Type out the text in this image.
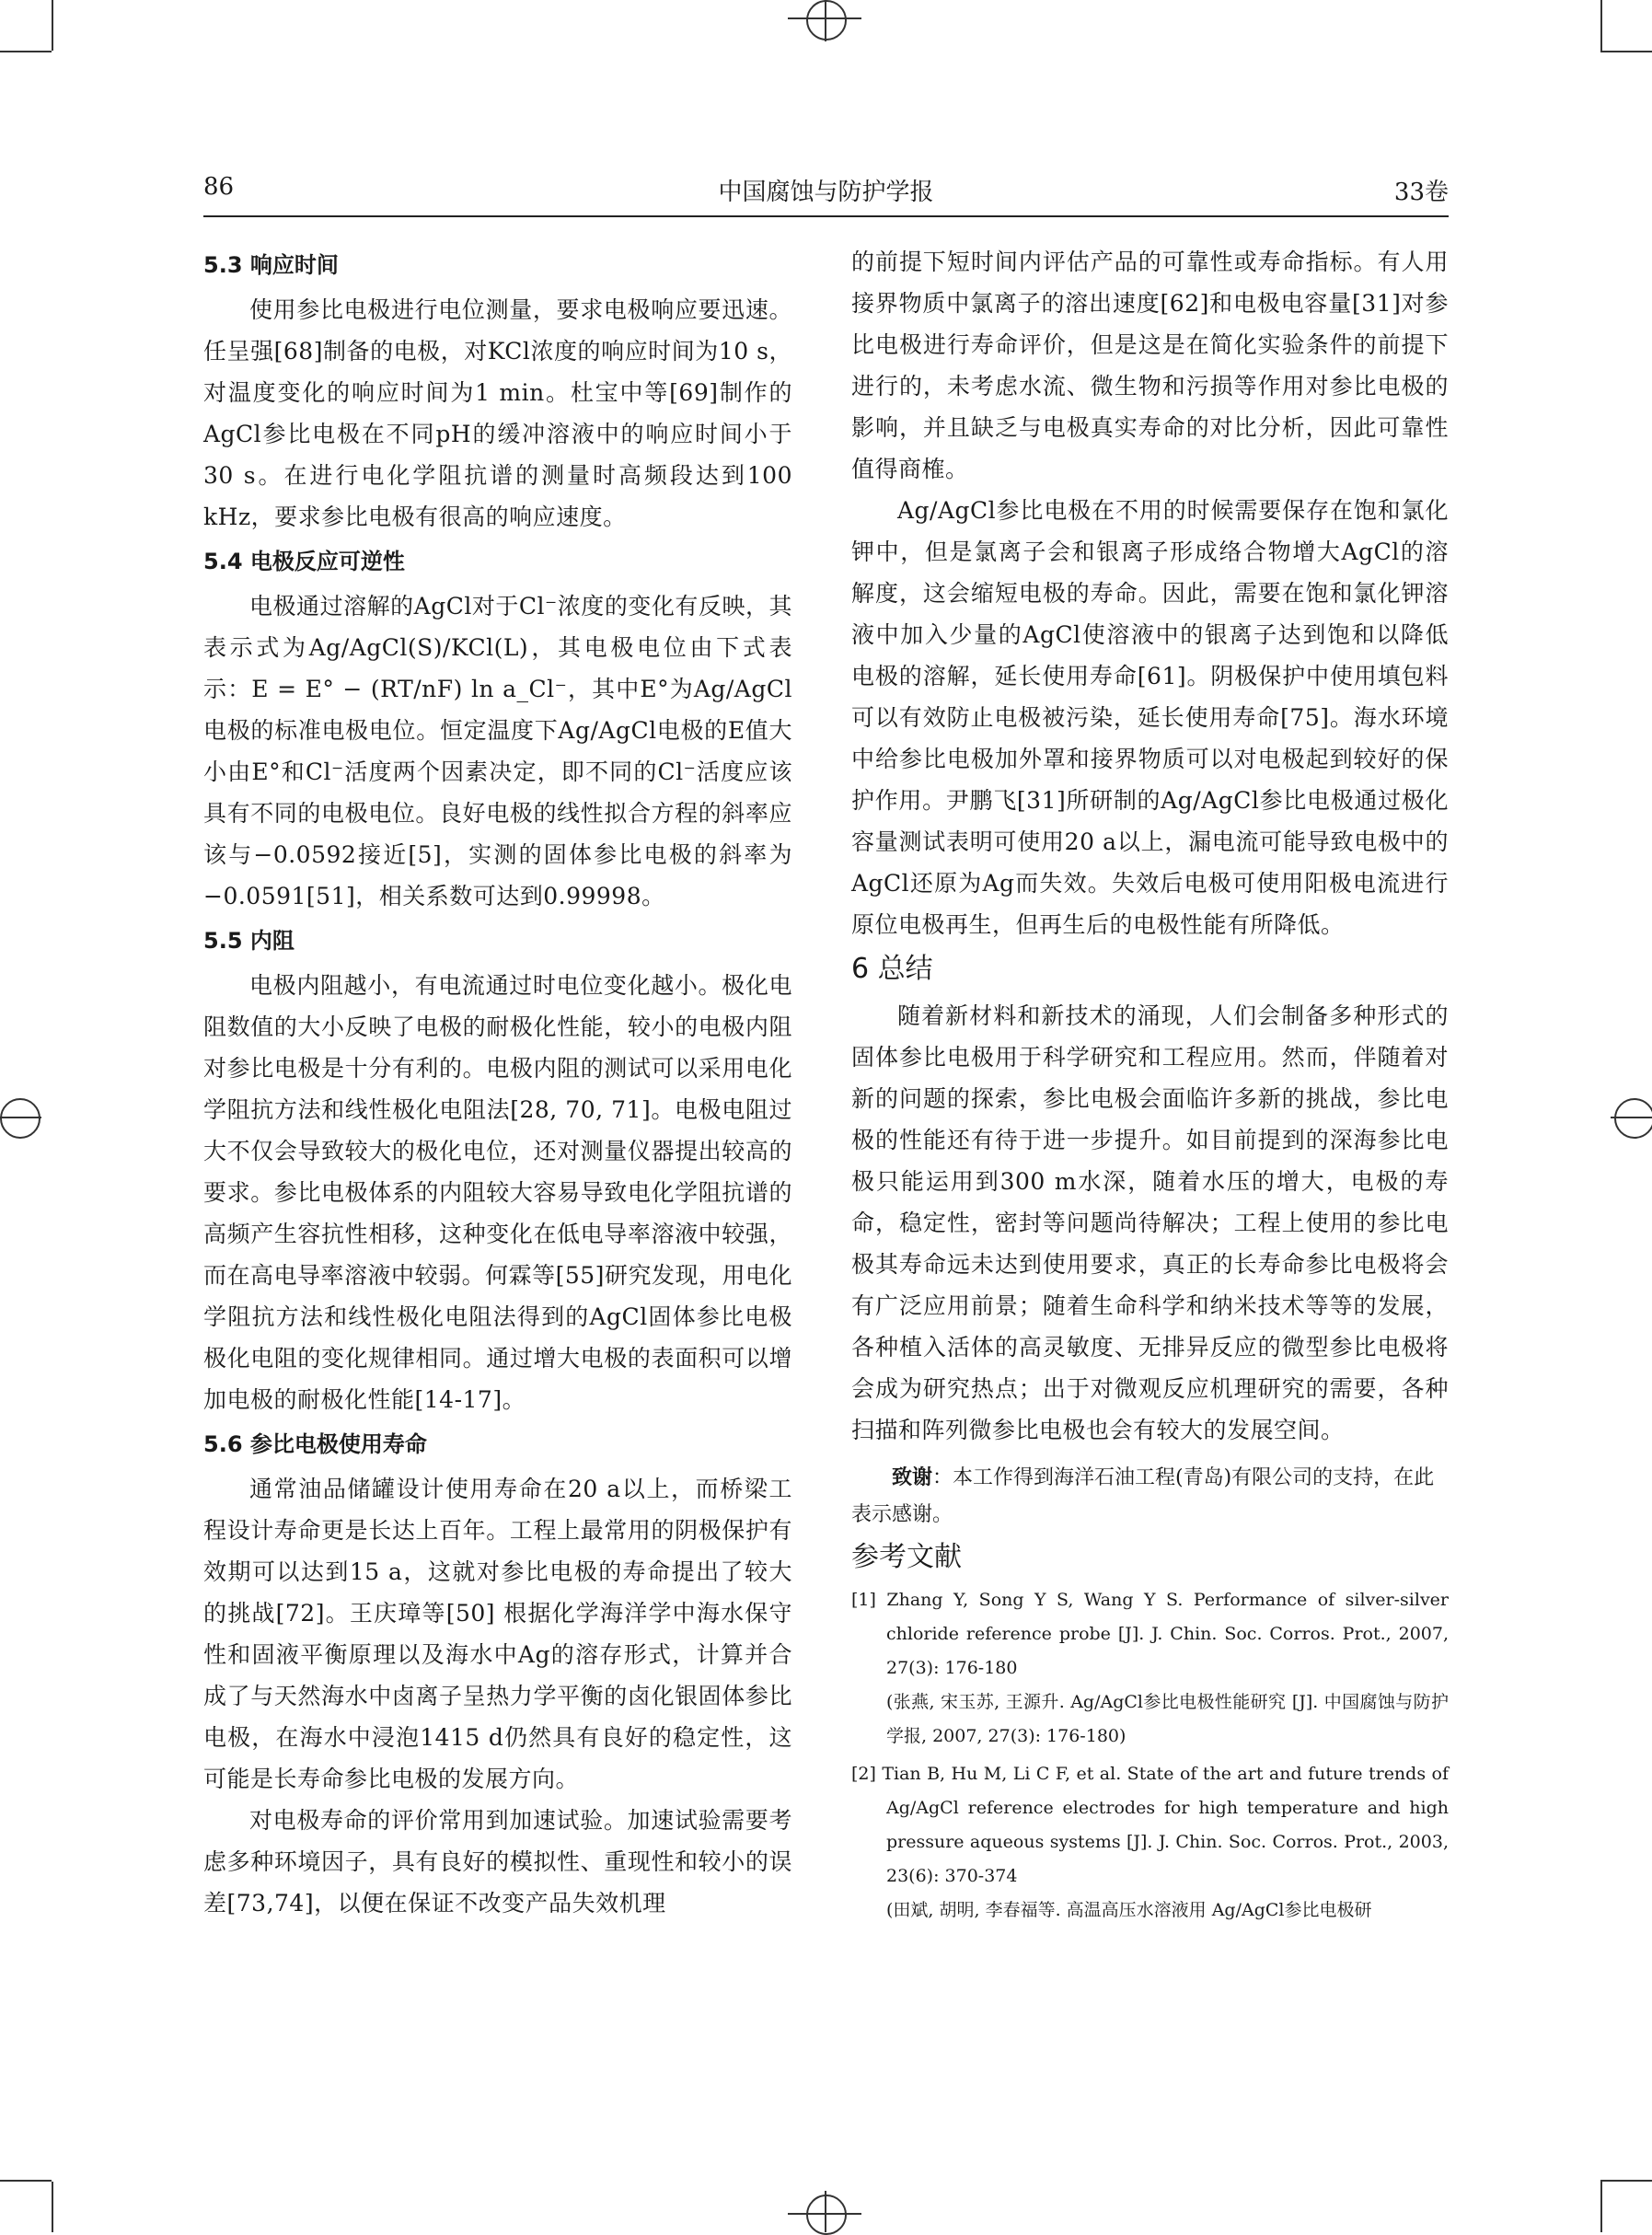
86	中国腐蚀与防护学报	33卷
5.3 响应时间

使用参比电极进行电位测量，要求电极响应要迅速。任呈强[68]制备的电极，对KCl浓度的响应时间为10 s，对温度变化的响应时间为1 min。杜宝中等[69]制作的AgCl参比电极在不同pH的缓冲溶液中的响应时间小于30 s。在进行电化学阻抗谱的测量时高频段达到100 kHz，要求参比电极有很高的响应速度。

5.4 电极反应可逆性

电极通过溶解的AgCl对于Cl⁻浓度的变化有反映，其表示式为Ag/AgCl(S)/KCl(L)，其电极电位由下式表示：E = E° − (RT/nF) ln a_Cl⁻，其中E°为Ag/AgCl电极的标准电极电位。恒定温度下Ag/AgCl电极的E值大小由E°和Cl⁻活度两个因素决定，即不同的Cl⁻活度应该具有不同的电极电位。良好电极的线性拟合方程的斜率应该与−0.0592接近[5]，实测的固体参比电极的斜率为−0.0591[51]，相关系数可达到0.99998。

5.5 内阻

电极内阻越小，有电流通过时电位变化越小。极化电阻数值的大小反映了电极的耐极化性能，较小的电极内阻对参比电极是十分有利的。电极内阻的测试可以采用电化学阻抗方法和线性极化电阻法[28, 70, 71]。电极电阻过大不仅会导致较大的极化电位，还对测量仪器提出较高的要求。参比电极体系的内阻较大容易导致电化学阻抗谱的高频产生容抗性相移，这种变化在低电导率溶液中较强，而在高电导率溶液中较弱。何霖等[55]研究发现，用电化学阻抗方法和线性极化电阻法得到的AgCl固体参比电极极化电阻的变化规律相同。通过增大电极的表面积可以增加电极的耐极化性能[14-17]。

5.6 参比电极使用寿命

通常油品储罐设计使用寿命在20 a以上，而桥梁工程设计寿命更是长达上百年。工程上最常用的阴极保护有效期可以达到15 a，这就对参比电极的寿命提出了较大的挑战[72]。王庆璋等[50] 根据化学海洋学中海水保守性和固液平衡原理以及海水中Ag的溶存形式，计算并合成了与天然海水中卤离子呈热力学平衡的卤化银固体参比电极，在海水中浸泡1415 d仍然具有良好的稳定性，这可能是长寿命参比电极的发展方向。

对电极寿命的评价常用到加速试验。加速试验需要考虑多种环境因子，具有良好的模拟性、重现性和较小的误差[73,74]，以便在保证不改变产品失效机理

的前提下短时间内评估产品的可靠性或寿命指标。有人用接界物质中氯离子的溶出速度[62]和电极电容量[31]对参比电极进行寿命评价，但是这是在简化实验条件的前提下进行的，未考虑水流、微生物和污损等作用对参比电极的影响，并且缺乏与电极真实寿命的对比分析，因此可靠性值得商榷。

Ag/AgCl参比电极在不用的时候需要保存在饱和氯化钾中，但是氯离子会和银离子形成络合物增大AgCl的溶解度，这会缩短电极的寿命。因此，需要在饱和氯化钾溶液中加入少量的AgCl使溶液中的银离子达到饱和以降低电极的溶解，延长使用寿命[61]。阴极保护中使用填包料可以有效防止电极被污染，延长使用寿命[75]。海水环境中给参比电极加外罩和接界物质可以对电极起到较好的保护作用。尹鹏飞[31]所研制的Ag/AgCl参比电极通过极化容量测试表明可使用20 a以上，漏电流可能导致电极中的AgCl还原为Ag而失效。失效后电极可使用阳极电流进行原位电极再生，但再生后的电极性能有所降低。

6 总结

随着新材料和新技术的涌现，人们会制备多种形式的固体参比电极用于科学研究和工程应用。然而，伴随着对新的问题的探索，参比电极会面临许多新的挑战，参比电极的性能还有待于进一步提升。如目前提到的深海参比电极只能运用到300 m水深，随着水压的增大，电极的寿命，稳定性，密封等问题尚待解决；工程上使用的参比电极其寿命远未达到使用要求，真正的长寿命参比电极将会有广泛应用前景；随着生命科学和纳米技术等等的发展，各种植入活体的高灵敏度、无排异反应的微型参比电极将会成为研究热点；出于对微观反应机理研究的需要，各种扫描和阵列微参比电极也会有较大的发展空间。

致谢：本工作得到海洋石油工程(青岛)有限公司的支持，在此表示感谢。

参考文献

[1] Zhang Y, Song Y S, Wang Y S. Performance of silver-silver chloride reference probe [J]. J. Chin. Soc. Corros. Prot., 2007, 27(3): 176-180
(张燕, 宋玉苏, 王源升. Ag/AgCl参比电极性能研究 [J]. 中国腐蚀与防护学报, 2007, 27(3): 176-180)

[2] Tian B, Hu M, Li C F, et al. State of the art and future trends of Ag/AgCl reference electrodes for high temperature and high pressure aqueous systems [J]. J. Chin. Soc. Corros. Prot., 2003, 23(6): 370-374
(田斌, 胡明, 李春福等. 高温高压水溶液用 Ag/AgCl参比电极研
